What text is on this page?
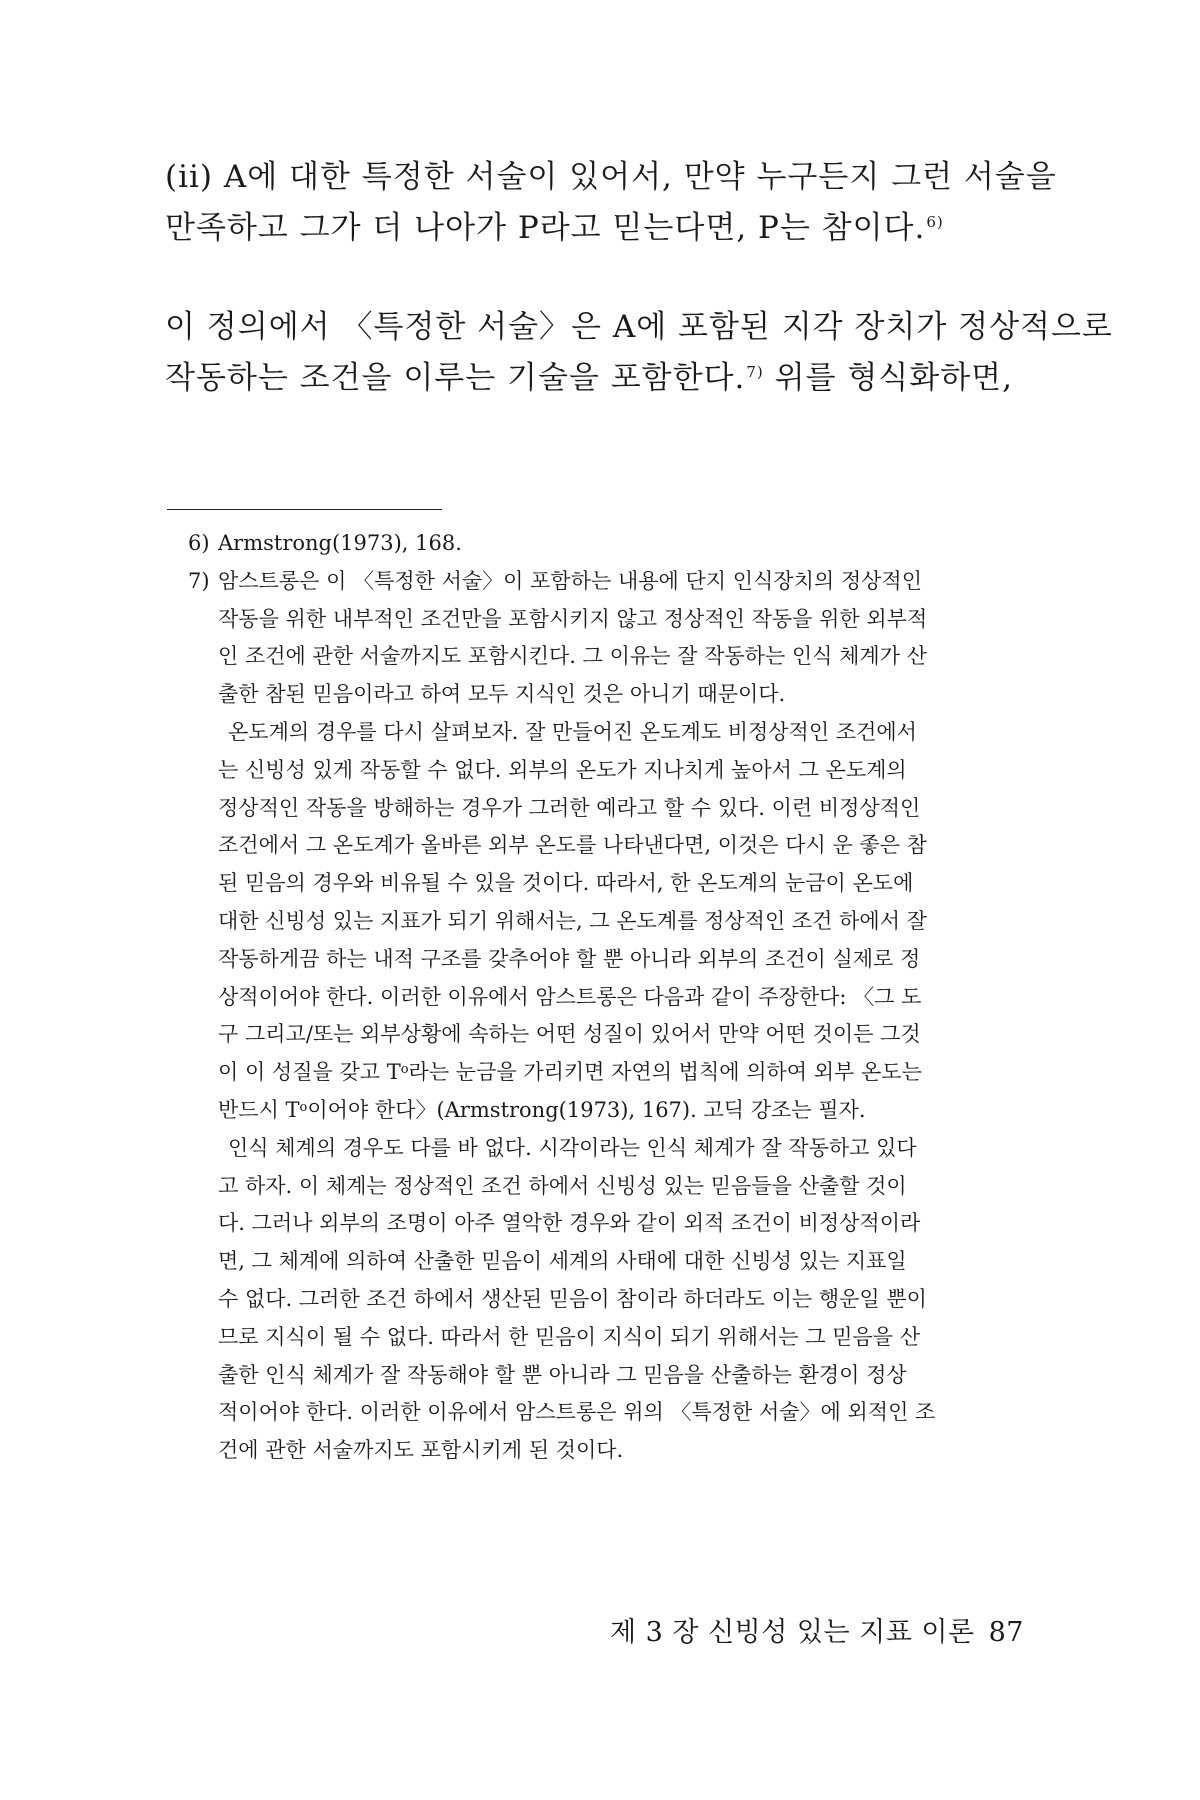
(ii) A에 대한 특정한 서술이 있어서, 만약 누구든지 그런 서술을
만족하고 그가 더 나아가 P라고 믿는다면, P는 참이다.$^{6)}$
이 정의에서 〈특정한 서술〉은 A에 포함된 지각 장치가 정상적으로
작동하는 조건을 이루는 기술을 포함한다.$^{7)}$ 위를 형식화하면,
6) Armstrong(1973), 168.
7) 암스트롱은 이 〈특정한 서술〉이 포함하는 내용에 단지 인식장치의 정상적인
작동을 위한 내부적인 조건만을 포함시키지 않고 정상적인 작동을 위한 외부적
인 조건에 관한 서술까지도 포함시킨다. 그 이유는 잘 작동하는 인식 체계가 산
출한 참된 믿음이라고 하여 모두 지식인 것은 아니기 때문이다.
온도계의 경우를 다시 살펴보자. 잘 만들어진 온도계도 비정상적인 조건에서
는 신빙성 있게 작동할 수 없다. 외부의 온도가 지나치게 높아서 그 온도계의
정상적인 작동을 방해하는 경우가 그러한 예라고 할 수 있다. 이런 비정상적인
조건에서 그 온도계가 올바른 외부 온도를 나타낸다면, 이것은 다시 운 좋은 참
된 믿음의 경우와 비유될 수 있을 것이다. 따라서, 한 온도계의 눈금이 온도에
대한 신빙성 있는 지표가 되기 위해서는, 그 온도계를 정상적인 조건 하에서 잘
작동하게끔 하는 내적 구조를 갖추어야 할 뿐 아니라 외부의 조건이 실제로 정
상적이어야 한다. 이러한 이유에서 암스트롱은 다음과 같이 주장한다: 〈그 도
구 그리고/또는 외부상황에 속하는 어떤 성질이 있어서 만약 어떤 것이든 그것
이 이 성질을 갖고 $T^o$라는 눈금을 가리키면 자연의 법칙에 의하여 외부 온도는
반드시 $T^o$이어야 한다〉(Armstrong(1973), 167). 고딕 강조는 필자.
인식 체계의 경우도 다를 바 없다. 시각이라는 인식 체계가 잘 작동하고 있다
고 하자. 이 체계는 정상적인 조건 하에서 신빙성 있는 믿음들을 산출할 것이
다. 그러나 외부의 조명이 아주 열악한 경우와 같이 외적 조건이 비정상적이라
면, 그 체계에 의하여 산출한 믿음이 세계의 사태에 대한 신빙성 있는 지표일
수 없다. 그러한 조건 하에서 생산된 믿음이 참이라 하더라도 이는 행운일 뿐이
므로 지식이 될 수 없다. 따라서 한 믿음이 지식이 되기 위해서는 그 믿음을 산
출한 인식 체계가 잘 작동해야 할 뿐 아니라 그 믿음을 산출하는 환경이 정상
적이어야 한다. 이러한 이유에서 암스트롱은 위의 〈특정한 서술〉에 외적인 조
건에 관한 서술까지도 포함시키게 된 것이다.
제 3 장 신빙성 있는 지표 이론 87
